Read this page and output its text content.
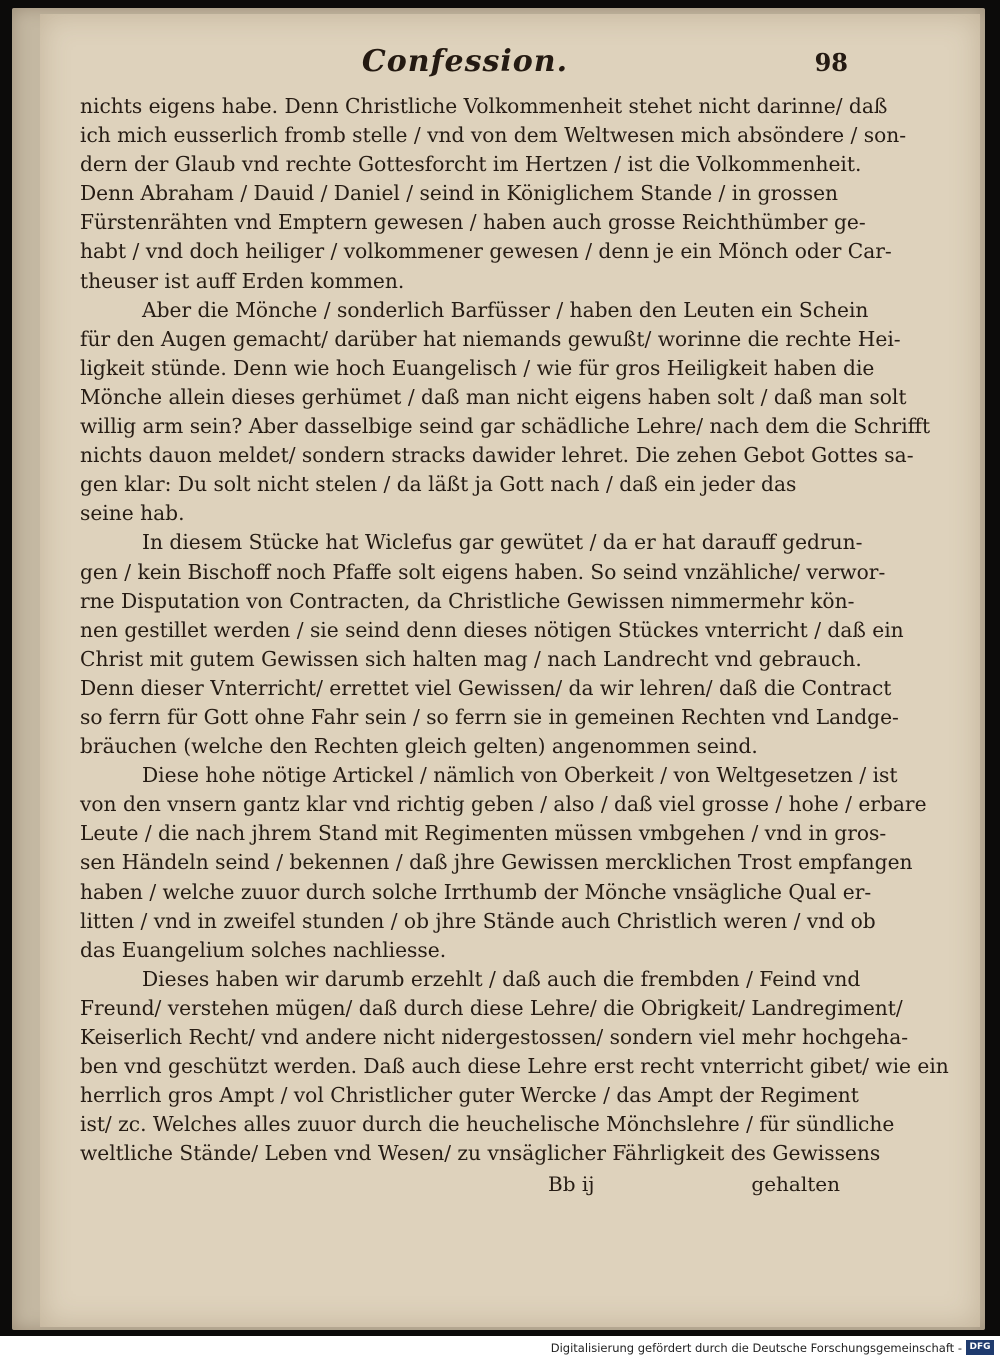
Confession.	98
nichts eigens habe. Denn Christliche Volkommenheit stehet nicht darinne/ daß
ich mich eusserlich fromb stelle / vnd von dem Weltwesen mich absöndere / son-
dern der Glaub vnd rechte Gottesforcht im Hertzen / ist die Volkommenheit.
Denn Abraham / Dauid / Daniel / seind in Königlichem Stande / in grossen
Fürstenrähten vnd Emptern gewesen / haben auch grosse Reichthümber ge-
habt / vnd doch heiliger / volkommener gewesen / denn je ein Mönch oder Car-
theuser ist auff Erden kommen.
Aber die Mönche / sonderlich Barfüsser / haben den Leuten ein Schein
für den Augen gemacht/ darüber hat niemands gewußt/ worinne die rechte Hei-
ligkeit stünde. Denn wie hoch Euangelisch / wie für gros Heiligkeit haben die
Mönche allein dieses gerhümet / daß man nicht eigens haben solt / daß man solt
willig arm sein? Aber dasselbige seind gar schädliche Lehre/ nach dem die Schrifft
nichts dauon meldet/ sondern stracks dawider lehret. Die zehen Gebot Gottes sa-
gen klar: Du solt nicht stelen / da läßt ja Gott nach / daß ein jeder das
seine hab.
In diesem Stücke hat Wiclefus gar gewütet / da er hat darauff gedrun-
gen / kein Bischoff noch Pfaffe solt eigens haben. So seind vnzähliche/ verwor-
rne Disputation von Contracten, da Christliche Gewissen nimmermehr kön-
nen gestillet werden / sie seind denn dieses nötigen Stückes vnterricht / daß ein
Christ mit gutem Gewissen sich halten mag / nach Landrecht vnd gebrauch.
Denn dieser Vnterricht/ errettet viel Gewissen/ da wir lehren/ daß die Contract
so ferrn für Gott ohne Fahr sein / so ferrn sie in gemeinen Rechten vnd Landge-
bräuchen (welche den Rechten gleich gelten) angenommen seind.
Diese hohe nötige Artickel / nämlich von Oberkeit / von Weltgesetzen / ist
von den vnsern gantz klar vnd richtig geben / also / daß viel grosse / hohe / erbare
Leute / die nach jhrem Stand mit Regimenten müssen vmbgehen / vnd in gros-
sen Händeln seind / bekennen / daß jhre Gewissen mercklichen Trost empfangen
haben / welche zuuor durch solche Irrthumb der Mönche vnsägliche Qual er-
litten / vnd in zweifel stunden / ob jhre Stände auch Christlich weren / vnd ob
das Euangelium solches nachliesse.
Dieses haben wir darumb erzehlt / daß auch die frembden / Feind vnd
Freund/ verstehen mügen/ daß durch diese Lehre/ die Obrigkeit/ Landregiment/
Keiserlich Recht/ vnd andere nicht nidergestossen/ sondern viel mehr hochgeha-
ben vnd geschützt werden. Daß auch diese Lehre erst recht vnterricht gibet/ wie ein
herrlich gros Ampt / vol Christlicher guter Wercke / das Ampt der Regiment
ist/ zc. Welches alles zuuor durch die heuchelische Mönchslehre / für sündliche
weltliche Stände/ Leben vnd Wesen/ zu vnsäglicher Fährligkeit des Gewissens
Bb ij	gehalten
Digitalisierung gefördert durch die Deutsche Forschungsgemeinschaft - DFG
